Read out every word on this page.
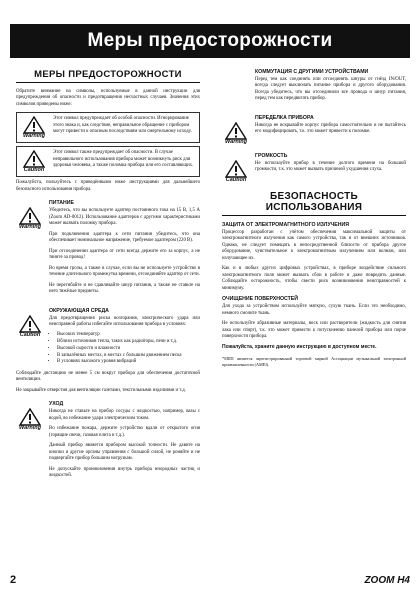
Меры предосторожности
МЕРЫ ПРЕДОСТОРОЖНОСТИ

Обратите внимание на символы, используемые в данной инструкции для предупреждения об опасности и предотвращения несчастных случаев. Значения этих символов приведены ниже:

Warning
Этот символ предупреждает об особой опасности. Игнорирование этого знака и, как следствие, неправильное обращение с прибором могут привести к опасным последствиям или смертельному исходу.
Caution
Этот символ также предупреждает об опасности. В случае неправильного использования прибора может возникнуть риск для здоровья человека, а также поломка прибора или его составляющих.

Пожалуйста, пользуйтесь с приведёнными ниже инструкциями для дальнейшего безопасного использования прибора.

Warning
ПИТАНИЕ

Убедитесь, что вы используете адаптер постоянного тока на 15 В, 1,5 А (Zoom AD-0012). Использование адаптеров с другими характеристиками может вызвать поломку прибора.

При подключении адаптера к сети питания убедитесь, что она обеспечивает номинальное напряжение, требуемое адаптером (220 В).

При отсоединении адаптера от сети всегда держите его за корпус, а не тяните за провод!

Во время грозы, а также в случае, если вы не используете устройство в течение длительного промежутка времени, отсоединяйте адаптер от сети.

Не перегибайте и не сдавливайте шнур питания, а также не ставьте на него тяжёлые предметы.

Caution
ОКРУЖАЮЩАЯ СРЕДА

Для предотвращения риска возгорания, электрического удара или неисправной работы избегайте использования прибора в условиях:

• Высоких температур
• Вблизи источников тепла, таких как радиаторы, печи и т.д.
• Высокой сырости и влажности
• В запылённых местах, в местах с большим движением песка
• В условиях высокого уровня вибраций

Соблюдайте дистанцию не менее 5 см вокруг прибора для обеспечения достаточной вентиляции.

Не закрывайте отверстия для вентиляции газетами, текстильными изделиями и т.д.

Warning
УХОД

Никогда не ставьте на прибор сосуды с жидкостью, например, вазы с водой, во избежание удара электрическим током.

Во избежание пожара, держите устройство вдали от открытого огня (горящие свечи, газовая плита и т.д.).

Данный прибор является прибором высокой точности. Не давите на кнопки и другие органы управления с большой силой, не роняйте и не подвергайте прибор большим нагрузкам.

Не допускайте проникновения внутрь прибора инородных частиц и жидкостей.

КОММУТАЦИЯ С ДРУГИМИ УСТРОЙСТВАМИ

Перед тем как соединять или отсоединять шнуры от гнёзд IN/OUT, всегда следует выключать питание прибора и другого оборудования. Всегда убедитесь, что вы отсоединили все провода и шнур питания, перед тем как передвигать прибор.

Warning
ПЕРЕДЕЛКА ПРИБОРА

Никогда не вскрывайте корпус прибора самостоятельно и не пытайтесь его модифицировать, т.к. это может привести к поломке.

Caution
ГРОМКОСТЬ

Не используйте прибор в течение долгого времени на большой громкости, т.к. это может вызвать причиной ухудшения слуха.

БЕЗОПАСНОСТЬ ИСПОЛЬЗОВАНИЯ
ЗАЩИТА ОТ ЭЛЕКТРОМАГНИТНОГО ИЗЛУЧЕНИЯ

Процессор разработан с учётом обеспечения максимальной защиты от электромагнитного излучения как самого устройства, так и от внешних источников. Однако, не следует помещать в непосредственной близости от прибора другое оборудование, чувствительное к электромагнитным излучениям или волнам, или излучающее их.

Как и в любых других цифровых устройствах, в приборе воздействие сильного электромагнитного поля может вызвать сбои в работе и даже повредить данные. Соблюдайте осторожность, чтобы свести риск возникновения неисправностей к минимуму.

ОЧИЩЕНИЕ ПОВЕРХНОСТЕЙ

Для ухода за устройством используйте мягкую, сухую ткань. Если это необходимо, немного смочите ткань.

Не используйте абразивные материалы, воск или растворители (жидкость для снятия лака или спирт), т.к. это может привести к потускнению панелей прибора или порче поверхности прибора.

Пожалуйста, храните данную инструкцию в доступном месте.

*MIDI является зарегистрированной торговой маркой Ассоциации музыкальной электронной промышленности (AMEI).

2	ZOOM H4
